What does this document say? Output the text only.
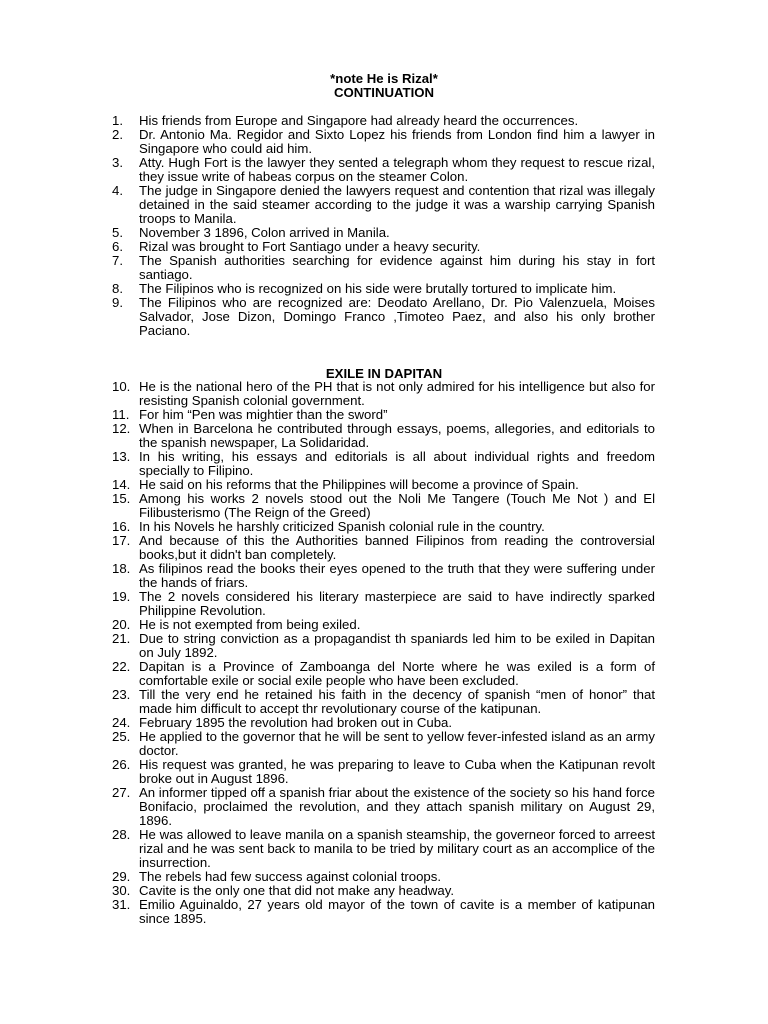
*note He is Rizal*

CONTINUATION

1.	His friends from Europe and Singapore had already heard the occurrences.
2.	Dr. Antonio Ma. Regidor and Sixto Lopez his friends from London find him a lawyer in Singapore who could aid him.
3.	Atty. Hugh Fort is the lawyer they sented a telegraph whom they request to rescue rizal, they issue write of habeas corpus on the steamer Colon.
4.	The judge in Singapore denied the lawyers request and contention that rizal was illegaly detained in the said steamer according to the judge it was a warship carrying Spanish troops to Manila.
5.	November 3 1896, Colon arrived in Manila.
6.	Rizal was brought to Fort Santiago under a heavy security.
7.	The Spanish authorities searching for evidence against him during his stay in fort santiago.
8.	The Filipinos who is recognized on his side were brutally tortured to implicate him.
9.	The Filipinos who are recognized are: Deodato Arellano, Dr. Pio Valenzuela, Moises Salvador, Jose Dizon, Domingo Franco ,Timoteo Paez, and also his only brother Paciano.

EXILE IN DAPITAN

10. He is the national hero of the PH that is not only admired for his intelligence but also for resisting Spanish colonial government.
11. For him “Pen was mightier than the sword”
12. When in Barcelona he contributed through essays, poems, allegories, and editorials to the spanish newspaper, La Solidaridad.
13. In his writing, his essays and editorials is all about individual rights and freedom specially to Filipino.
14. He said on his reforms that the Philippines will become a province of Spain.
15. Among his works 2 novels stood out the Noli Me Tangere (Touch Me Not ) and El Filibusterismo (The Reign of the Greed)
16. In his Novels he harshly criticized Spanish colonial rule in the country.
17. And because of this the Authorities banned Filipinos from reading the controversial books,but it didn't ban completely.
18. As filipinos read the books their eyes opened to the truth that they were suffering under the hands of friars.
19. The 2 novels considered his literary masterpiece are said to have indirectly sparked Philippine Revolution.
20. He is not exempted from being exiled.
21. Due to string conviction as a propagandist th spaniards led him to be exiled in Dapitan on July 1892.
22. Dapitan is a Province of Zamboanga del Norte where he was exiled is a form of comfortable exile or social exile people who have been excluded.
23. Till the very end he retained his faith in the decency of spanish “men of honor” that made him difficult to accept thr revolutionary course of the katipunan.
24. February 1895 the revolution had broken out in Cuba.
25. He applied to the governor that he will be sent to yellow fever-infested island as an army doctor.
26. His request was granted, he was preparing to leave to Cuba when the Katipunan revolt broke out in August 1896.
27. An informer tipped off a spanish friar about the existence of the society so his hand force Bonifacio, proclaimed the revolution, and they attach spanish military on August 29, 1896.
28. He was allowed to leave manila on a spanish steamship, the governeor forced to arreest rizal and he was sent back to manila to be tried by military court as an accomplice of the insurrection.
29. The rebels had few success against colonial troops.
30. Cavite is the only one that did not make any headway.
31. Emilio Aguinaldo, 27 years old mayor of the town of cavite is a member of katipunan since 1895.
